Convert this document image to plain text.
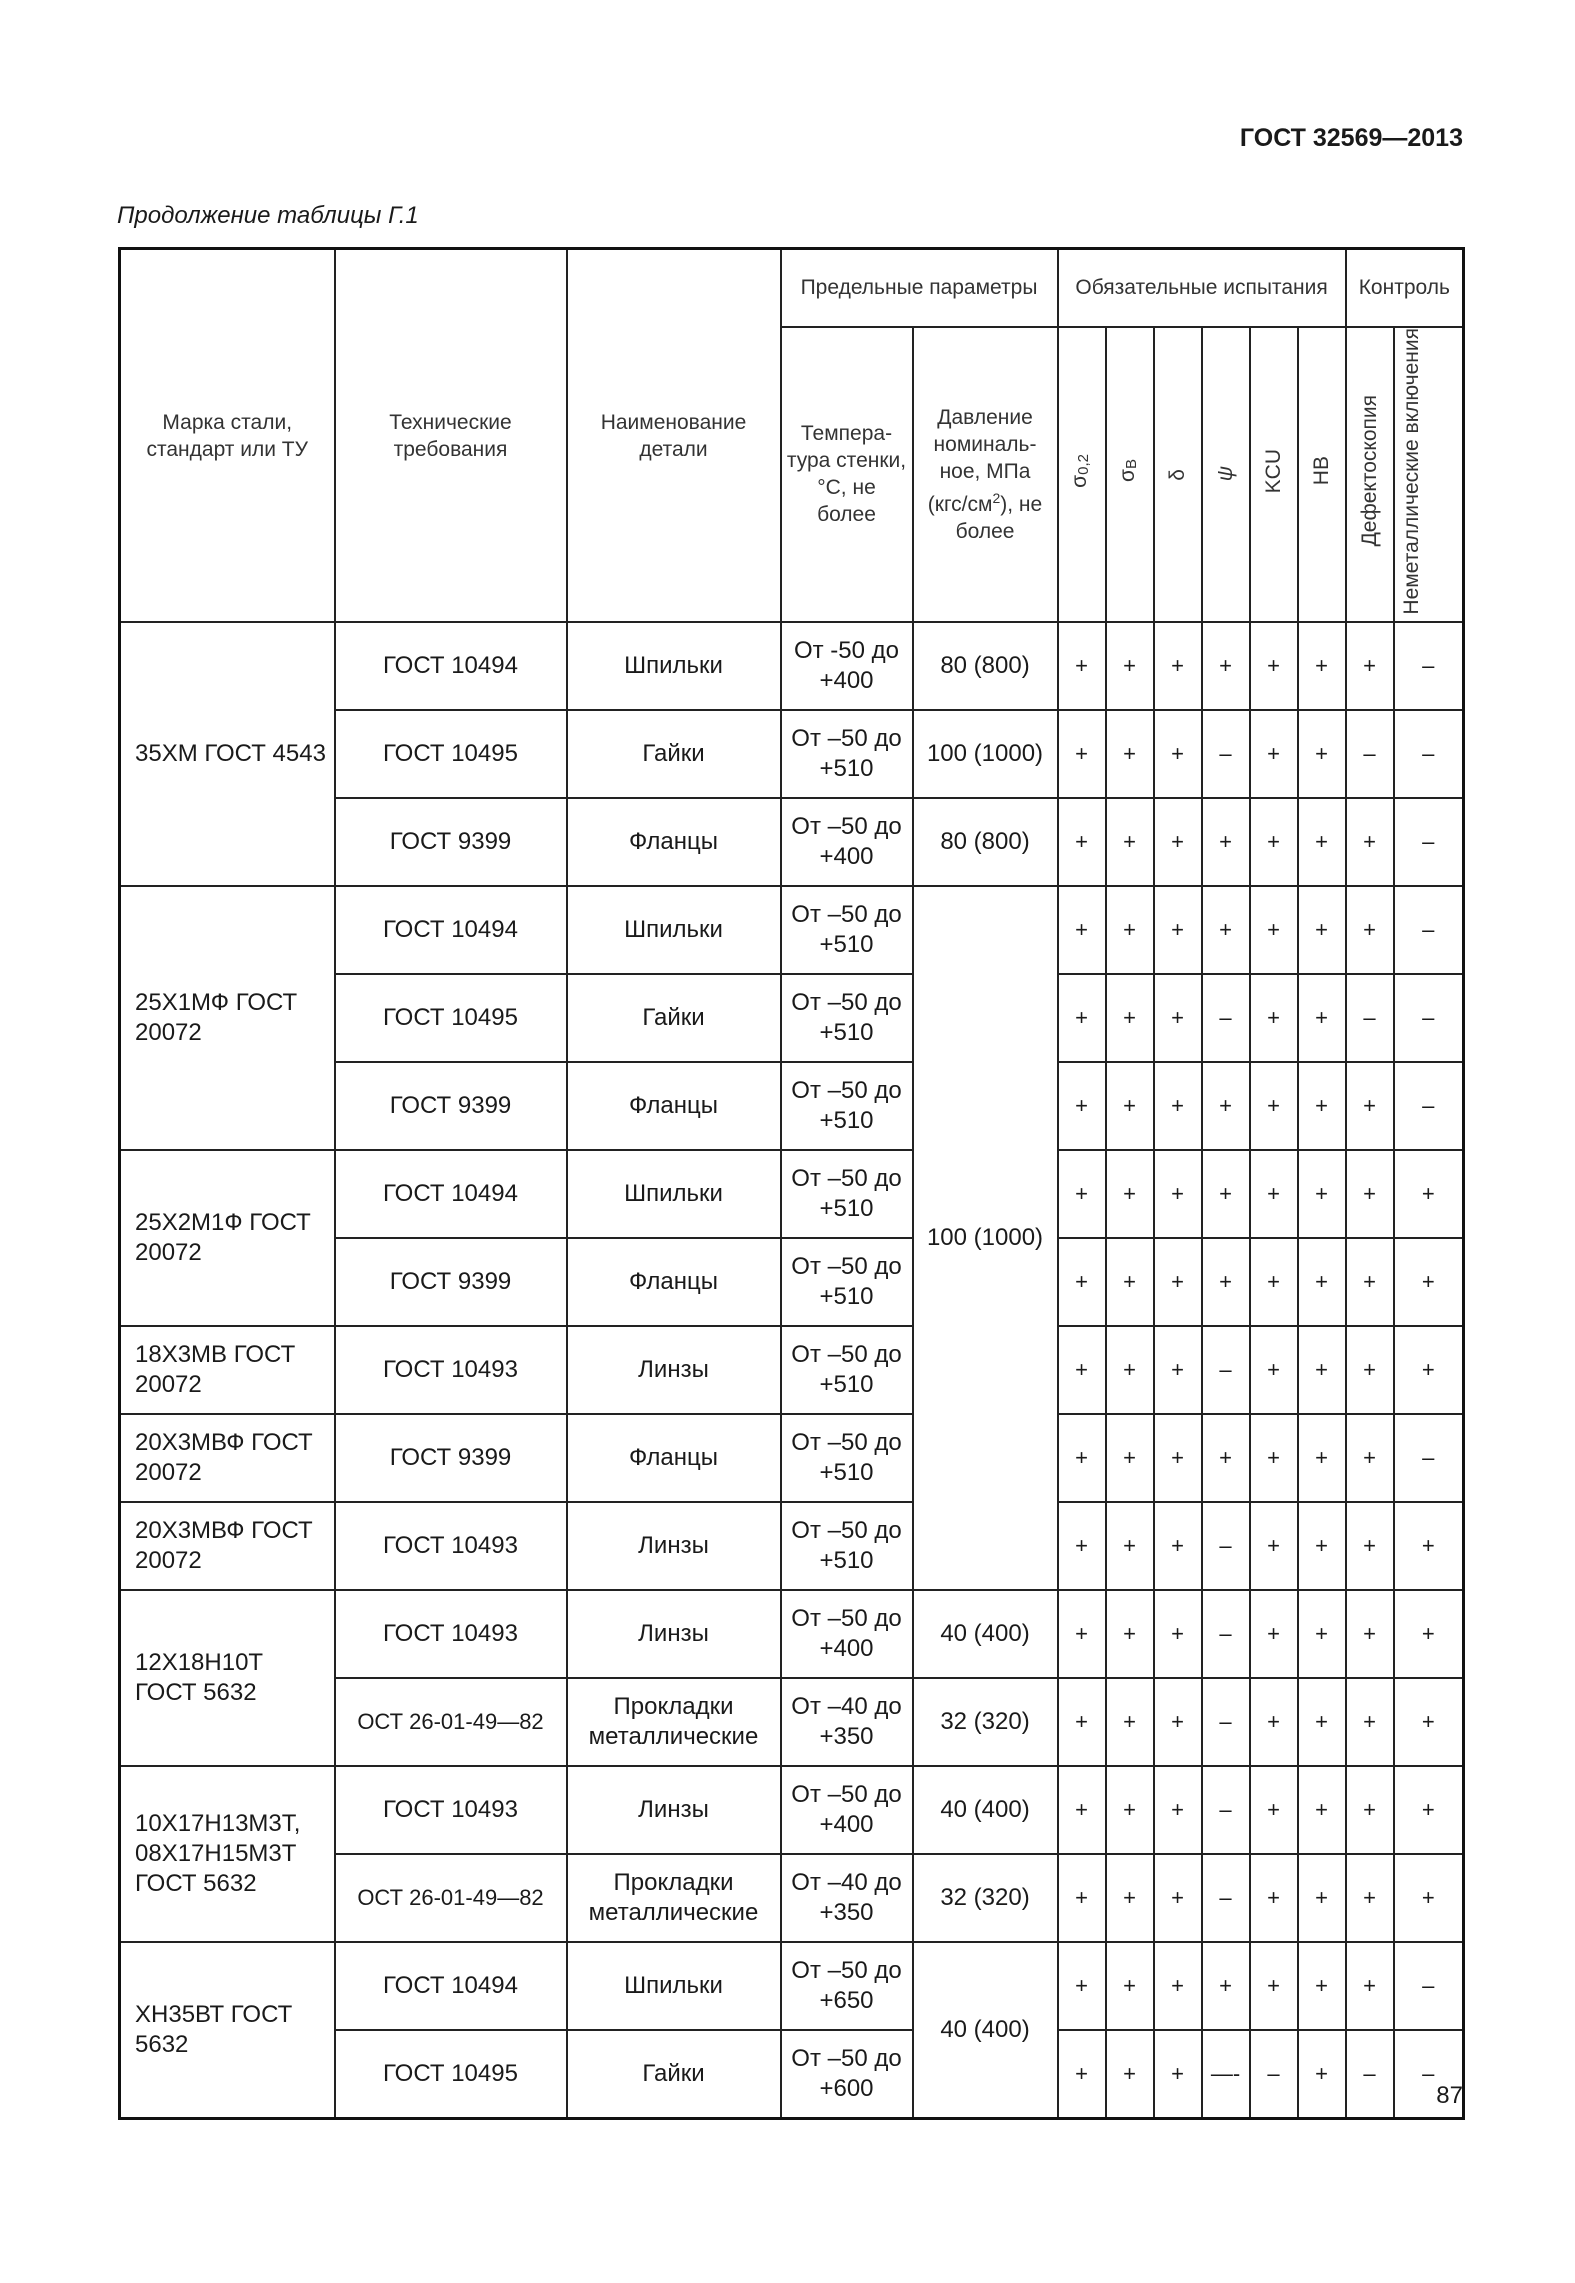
ГОСТ 32569—2013
Продолжение таблицы Г.1
Марка стали, стандарт или ТУ	Технические требования	Наименование детали	Предельные параметры		Обязательные испытания						Контроль	
			Темпера-тура стенки, °C, не более	Давление номиналь-ное, МПа $(кгс/см^2)$, не более	$\sigma_{0,2}$	$\sigma_В$	δ	ψ	KCU	HB	Дефектоскопия	Неметаллические включения
35ХМ ГОСТ 4543	ГОСТ 10494	Шпильки	От -50 до +400	80 (800)	+	+	+	+	+	+	+	–
	ГОСТ 10495	Гайки	От –50 до +510	100 (1000)	+	+	+	–	+	+	–	–
	ГОСТ 9399	Фланцы	От –50 до +400	80 (800)	+	+	+	+	+	+	+	–
25Х1МФ ГОСТ 20072	ГОСТ 10494	Шпильки	От –50 до +510	100 (1000)	+	+	+	+	+	+	+	–
	ГОСТ 10495	Гайки	От –50 до +510		+	+	+	–	+	+	–	–
	ГОСТ 9399	Фланцы	От –50 до +510		+	+	+	+	+	+	+	–
25Х2М1Ф ГОСТ 20072	ГОСТ 10494	Шпильки	От –50 до +510		+	+	+	+	+	+	+	+
	ГОСТ 9399	Фланцы	От –50 до +510		+	+	+	+	+	+	+	+
18Х3МВ ГОСТ 20072	ГОСТ 10493	Линзы	От –50 до +510		+	+	+	–	+	+	+	+
20Х3МВФ ГОСТ 20072	ГОСТ 9399	Фланцы	От –50 до +510		+	+	+	+	+	+	+	–
20Х3МВФ ГОСТ 20072	ГОСТ 10493	Линзы	От –50 до +510		+	+	+	–	+	+	+	+
12Х18Н10Т ГОСТ 5632	ГОСТ 10493	Линзы	От –50 до +400	40 (400)	+	+	+	–	+	+	+	+
	ОСТ 26-01-49—82	Прокладки металлические	От –40 до +350	32 (320)	+	+	+	–	+	+	+	+
10Х17Н13М3Т, 08Х17Н15М3Т ГОСТ 5632	ГОСТ 10493	Линзы	От –50 до +400	40 (400)	+	+	+	–	+	+	+	+
	ОСТ 26-01-49—82	Прокладки металлические	От –40 до +350	32 (320)	+	+	+	–	+	+	+	+
ХН35ВТ ГОСТ 5632	ГОСТ 10494	Шпильки	От –50 до +650	40 (400)	+	+	+	+	+	+	+	–
	ГОСТ 10495	Гайки	От –50 до +600		+	+	+	—-	–	+	–	–
87
